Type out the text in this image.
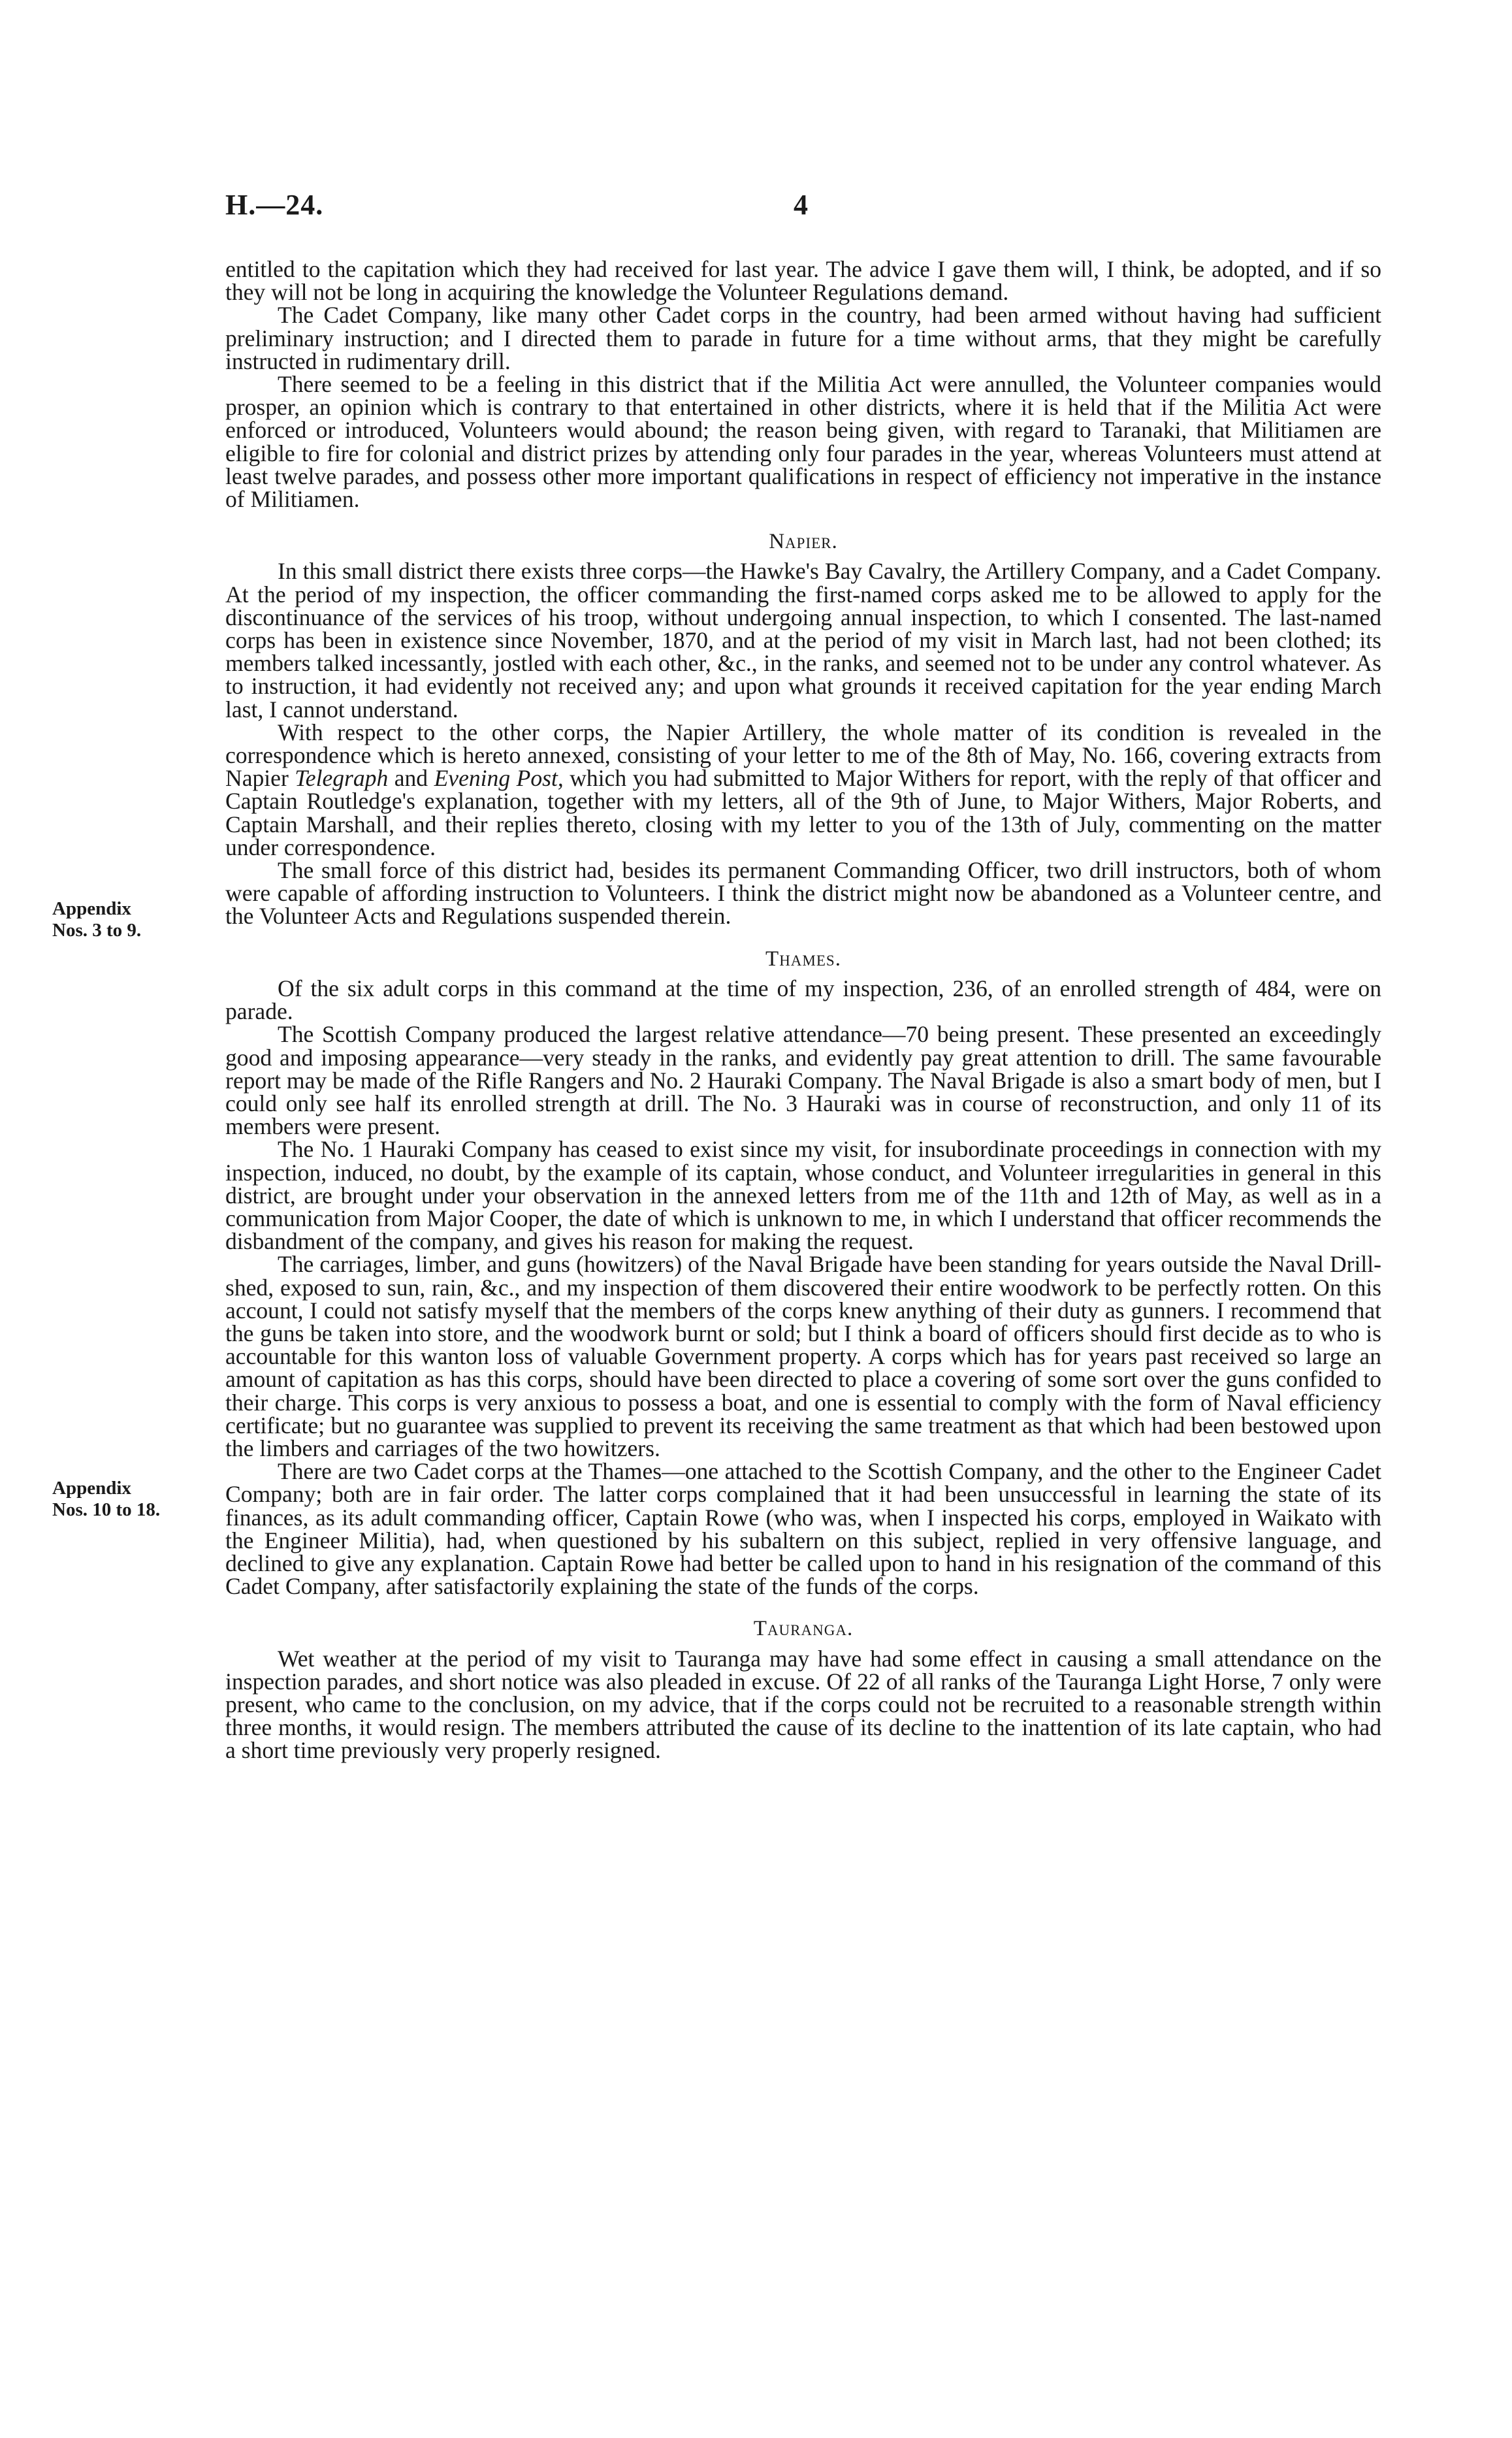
H.—24.	4
Appendix
Nos. 3 to 9.
Appendix
Nos. 10 to 18.

entitled to the capitation which they had received for last year. The advice I gave them will, I think, be adopted, and if so they will not be long in acquiring the knowledge the Volunteer Regulations demand.

The Cadet Company, like many other Cadet corps in the country, had been armed without having had sufficient preliminary instruction; and I directed them to parade in future for a time without arms, that they might be carefully instructed in rudimentary drill.

There seemed to be a feeling in this district that if the Militia Act were annulled, the Volunteer companies would prosper, an opinion which is contrary to that entertained in other districts, where it is held that if the Militia Act were enforced or introduced, Volunteers would abound; the reason being given, with regard to Taranaki, that Militiamen are eligible to fire for colonial and district prizes by attending only four parades in the year, whereas Volunteers must attend at least twelve parades, and possess other more important qualifications in respect of efficiency not imperative in the instance of Militiamen.

Napier.

In this small district there exists three corps—the Hawke's Bay Cavalry, the Artillery Company, and a Cadet Company. At the period of my inspection, the officer commanding the first-named corps asked me to be allowed to apply for the discontinuance of the services of his troop, without undergoing annual inspection, to which I consented. The last-named corps has been in existence since November, 1870, and at the period of my visit in March last, had not been clothed; its members talked incessantly, jostled with each other, &c., in the ranks, and seemed not to be under any control whatever. As to instruction, it had evidently not received any; and upon what grounds it received capitation for the year ending March last, I cannot understand.

With respect to the other corps, the Napier Artillery, the whole matter of its condition is revealed in the correspondence which is hereto annexed, consisting of your letter to me of the 8th of May, No. 166, covering extracts from Napier Telegraph and Evening Post, which you had submitted to Major Withers for report, with the reply of that officer and Captain Routledge's explanation, together with my letters, all of the 9th of June, to Major Withers, Major Roberts, and Captain Marshall, and their replies thereto, closing with my letter to you of the 13th of July, commenting on the matter under correspondence.

The small force of this district had, besides its permanent Commanding Officer, two drill instructors, both of whom were capable of affording instruction to Volunteers. I think the district might now be abandoned as a Volunteer centre, and the Volunteer Acts and Regulations suspended therein.

Thames.

Of the six adult corps in this command at the time of my inspection, 236, of an enrolled strength of 484, were on parade.

The Scottish Company produced the largest relative attendance—70 being present. These presented an exceedingly good and imposing appearance—very steady in the ranks, and evidently pay great attention to drill. The same favourable report may be made of the Rifle Rangers and No. 2 Hauraki Company. The Naval Brigade is also a smart body of men, but I could only see half its enrolled strength at drill. The No. 3 Hauraki was in course of reconstruction, and only 11 of its members were present.

The No. 1 Hauraki Company has ceased to exist since my visit, for insubordinate proceedings in connection with my inspection, induced, no doubt, by the example of its captain, whose conduct, and Volunteer irregularities in general in this district, are brought under your observation in the annexed letters from me of the 11th and 12th of May, as well as in a communication from Major Cooper, the date of which is unknown to me, in which I understand that officer recommends the disbandment of the company, and gives his reason for making the request.

The carriages, limber, and guns (howitzers) of the Naval Brigade have been standing for years outside the Naval Drill-shed, exposed to sun, rain, &c., and my inspection of them discovered their entire woodwork to be perfectly rotten. On this account, I could not satisfy myself that the members of the corps knew anything of their duty as gunners. I recommend that the guns be taken into store, and the woodwork burnt or sold; but I think a board of officers should first decide as to who is accountable for this wanton loss of valuable Government property. A corps which has for years past received so large an amount of capitation as has this corps, should have been directed to place a covering of some sort over the guns confided to their charge. This corps is very anxious to possess a boat, and one is essential to comply with the form of Naval efficiency certificate; but no guarantee was supplied to prevent its receiving the same treatment as that which had been bestowed upon the limbers and carriages of the two howitzers.

There are two Cadet corps at the Thames—one attached to the Scottish Company, and the other to the Engineer Cadet Company; both are in fair order. The latter corps complained that it had been unsuccessful in learning the state of its finances, as its adult commanding officer, Captain Rowe (who was, when I inspected his corps, employed in Waikato with the Engineer Militia), had, when questioned by his subaltern on this subject, replied in very offensive language, and declined to give any explanation. Captain Rowe had better be called upon to hand in his resignation of the command of this Cadet Company, after satisfactorily explaining the state of the funds of the corps.

Tauranga.

Wet weather at the period of my visit to Tauranga may have had some effect in causing a small attendance on the inspection parades, and short notice was also pleaded in excuse. Of 22 of all ranks of the Tauranga Light Horse, 7 only were present, who came to the conclusion, on my advice, that if the corps could not be recruited to a reasonable strength within three months, it would resign. The members attributed the cause of its decline to the inattention of its late captain, who had a short time previously very properly resigned.
